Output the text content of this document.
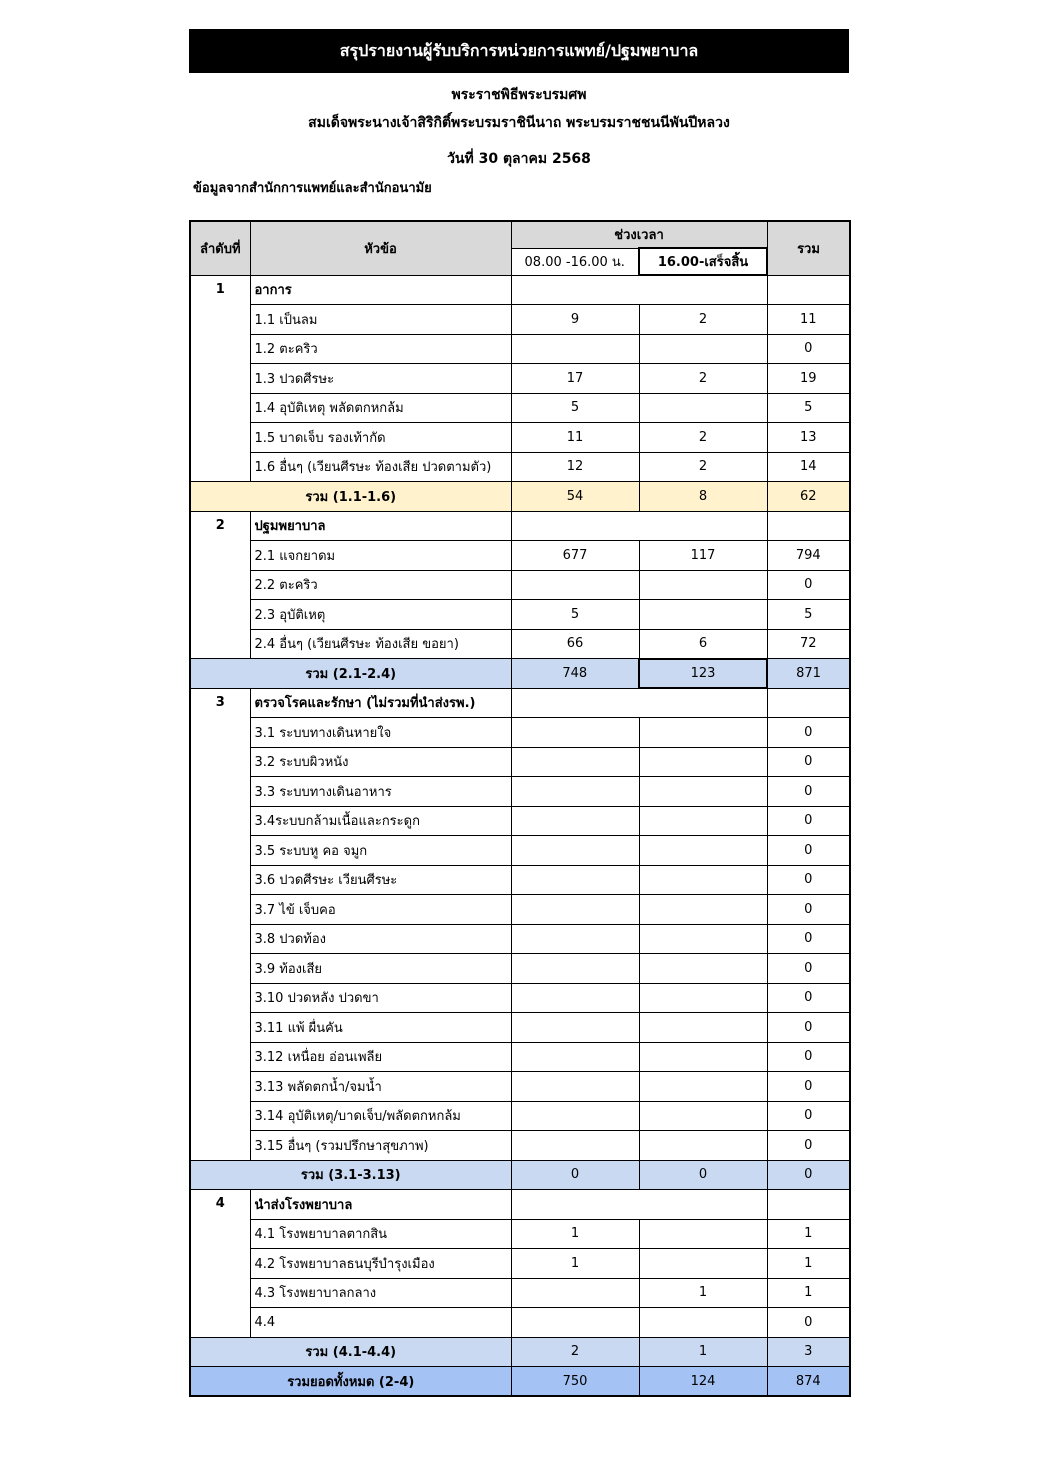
สรุปรายงานผู้รับบริการหน่วยการแพทย์/ปฐมพยาบาล
พระราชพิธีพระบรมศพ
สมเด็จพระนางเจ้าสิริกิติ์พระบรมราชินีนาถ พระบรมราชชนนีพันปีหลวง
วันที่ 30 ตุลาคม 2568
ข้อมูลจากสำนักการแพทย์และสำนักอนามัย
ลำดับที่	หัวข้อ	ช่วงเวลา		รวม
		08.00 -16.00 น.	16.00-เสร็จสิ้น	
1	อาการ			
	1.1 เป็นลม	9	2	11
	1.2 ตะคริว			0
	1.3 ปวดศีรษะ	17	2	19
	1.4 อุบัติเหตุ พลัดตกหกล้ม	5		5
	1.5 บาดเจ็บ รองเท้ากัด	11	2	13
	1.6 อื่นๆ (เวียนศีรษะ ท้องเสีย ปวดตามตัว)	12	2	14
รวม (1.1-1.6)		54	8	62
2	ปฐมพยาบาล			
	2.1 แจกยาดม	677	117	794
	2.2 ตะคริว			0
	2.3 อุบัติเหตุ	5		5
	2.4 อื่นๆ (เวียนศีรษะ ท้องเสีย ขอยา)	66	6	72
รวม (2.1-2.4)		748	123	871
3	ตรวจโรคและรักษา (ไม่รวมที่นำส่งรพ.)			
	3.1 ระบบทางเดินหายใจ			0
	3.2 ระบบผิวหนัง			0
	3.3 ระบบทางเดินอาหาร			0
	3.4ระบบกล้ามเนื้อและกระดูก			0
	3.5 ระบบหู คอ จมูก			0
	3.6 ปวดศีรษะ เวียนศีรษะ			0
	3.7 ไข้ เจ็บคอ			0
	3.8 ปวดท้อง			0
	3.9 ท้องเสีย			0
	3.10 ปวดหลัง ปวดขา			0
	3.11 แพ้ ผื่นคัน			0
	3.12 เหนื่อย อ่อนเพลีย			0
	3.13 พลัดตกน้ำ/จมน้ำ			0
	3.14 อุบัติเหตุ/บาดเจ็บ/พลัดตกหกล้ม			0
	3.15 อื่นๆ (รวมปรึกษาสุขภาพ)			0
รวม (3.1-3.13)		0	0	0
4	นำส่งโรงพยาบาล			
	4.1 โรงพยาบาลตากสิน	1		1
	4.2 โรงพยาบาลธนบุรีบำรุงเมือง	1		1
	4.3 โรงพยาบาลกลาง		1	1
	4.4			0
รวม (4.1-4.4)		2	1	3
รวมยอดทั้งหมด (2-4)		750	124	874
